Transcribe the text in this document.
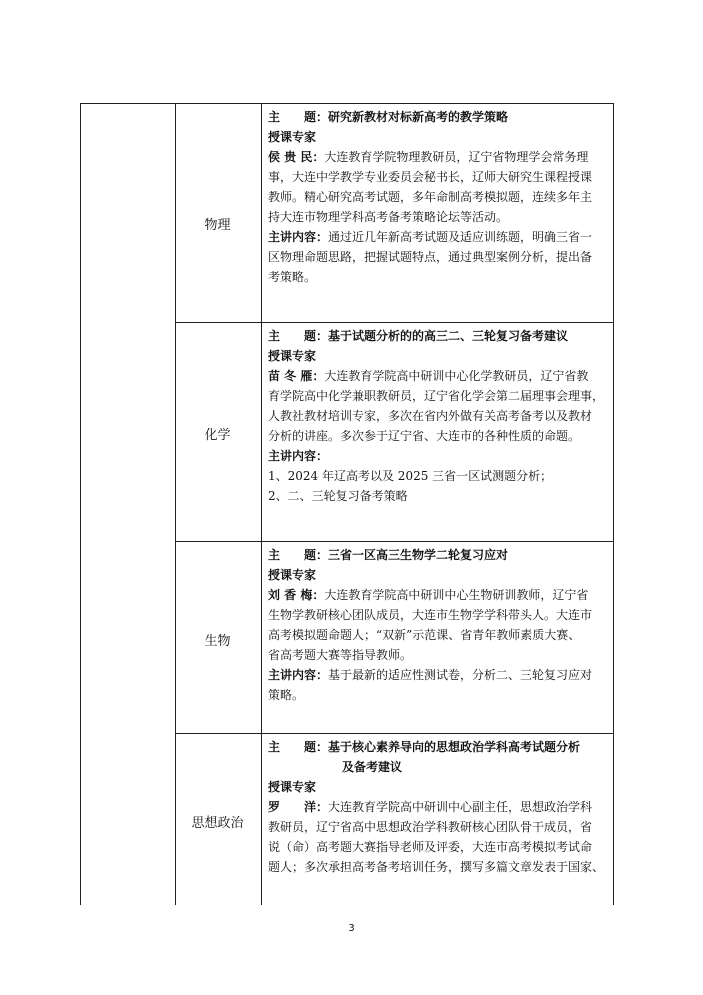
物理
主　　题：研究新教材对标新高考的教学策略
授课专家
侯 贵 民：大连教育学院物理教研员，辽宁省物理学会常务理
事，大连中学教学专业委员会秘书长，辽师大研究生课程授课
教师。精心研究高考试题，多年命制高考模拟题，连续多年主
持大连市物理学科高考备考策略论坛等活动。
主讲内容：通过近几年新高考试题及适应训练题，明确三省一
区物理命题思路，把握试题特点，通过典型案例分析，提出备
考策略。
化学
主　　题：基于试题分析的的高三二、三轮复习备考建议
授课专家
苗 冬 雁：大连教育学院高中研训中心化学教研员，辽宁省教
育学院高中化学兼职教研员，辽宁省化学会第二届理事会理事，
人教社教材培训专家，多次在省内外做有关高考备考以及教材
分析的讲座。多次参于辽宁省、大连市的各种性质的命题。
主讲内容：
1、2024 年辽高考以及 2025 三省一区试测题分析；
2、二、三轮复习备考策略
生物
主　　题：三省一区高三生物学二轮复习应对
授课专家
刘 香 梅：大连教育学院高中研训中心生物研训教师，辽宁省
生物学教研核心团队成员，大连市生物学学科带头人。大连市
高考模拟题命题人；“双新”示范课、省青年教师素质大赛、
省高考题大赛等指导教师。
主讲内容：基于最新的适应性测试卷，分析二、三轮复习应对
策略。
思想政治
主　　题：基于核心素养导向的思想政治学科高考试题分析
及备考建议
授课专家
罗　　洋：大连教育学院高中研训中心副主任，思想政治学科
教研员，辽宁省高中思想政治学科教研核心团队骨干成员，省
说（命）高考题大赛指导老师及评委，大连市高考模拟考试命
题人；多次承担高考备考培训任务，撰写多篇文章发表于国家、
3
